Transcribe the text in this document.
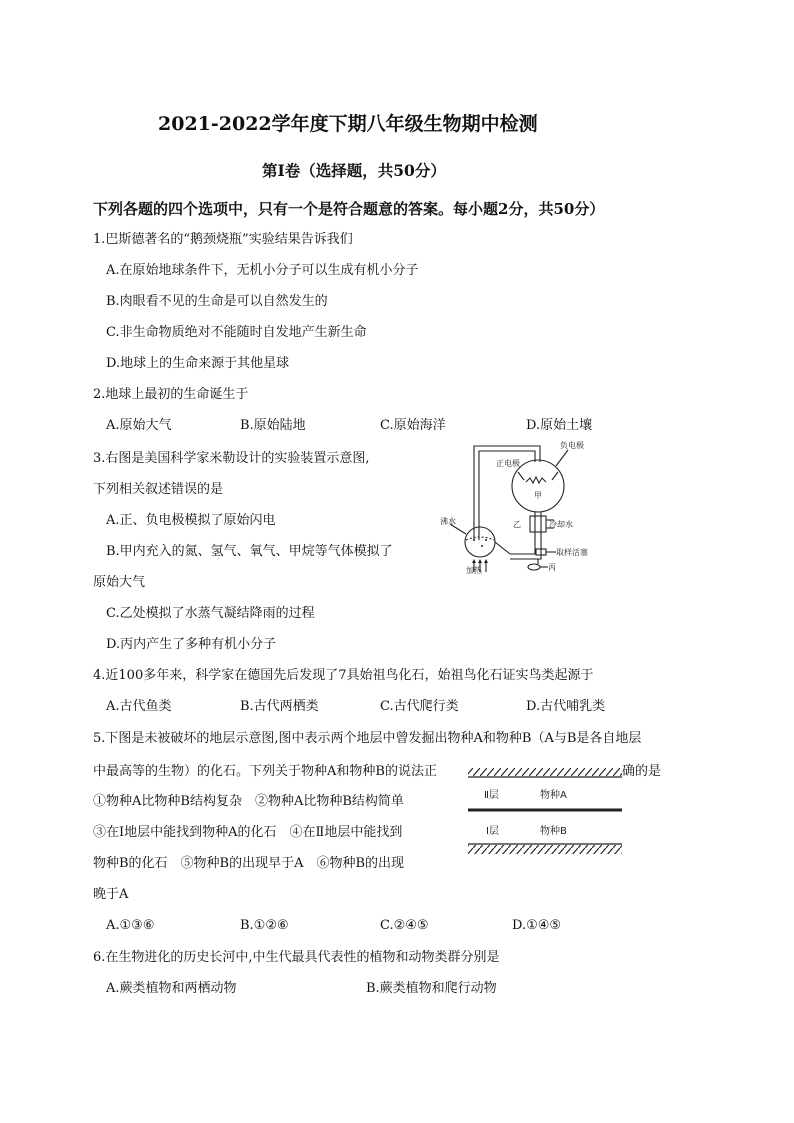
2021-2022学年度下期八年级生物期中检测
第Ⅰ卷（选择题，共50分）
下列各题的四个选项中，只有一个是符合题意的答案。每小题2分，共50分）
1.巴斯德著名的“鹅颈烧瓶”实验结果告诉我们
A.在原始地球条件下，无机小分子可以生成有机小分子
B.肉眼看不见的生命是可以自然发生的
C.非生命物质绝对不能随时自发地产生新生命
D.地球上的生命来源于其他星球
2.地球上最初的生命诞生于
A.原始大气	B.原始陆地	C.原始海洋	D.原始土壤
3.右图是美国科学家米勒设计的实验装置示意图,
下列相关叙述错误的是
A.正、负电极模拟了原始闪电
B.甲内充入的氮、氢气、氧气、甲烷等气体模拟了
原始大气
C.乙处模拟了水蒸气凝结降雨的过程
D.丙内产生了多种有机小分子
负电极
正电极
甲
乙	冷却水
沸水
取样活塞
丙
加热
4.近100多年来，科学家在德国先后发现了7具始祖鸟化石，始祖鸟化石证实鸟类起源于
A.古代鱼类	B.古代两栖类	C.古代爬行类	D.古代哺乳类
5.下图是未被破坏的地层示意图,图中表示两个地层中曾发掘出物种A和物种B（A与B是各自地层
中最高等的生物）的化石。下列关于物种A和物种B的说法正	确的是
①物种A比物种B结构复杂　②物种A比物种B结构简单
③在Ⅰ地层中能找到物种A的化石　④在Ⅱ地层中能找到
物种B的化石　⑤物种B的出现早于A　⑥物种B的出现
晚于A
A.①③⑥	B.①②⑥	C.②④⑤	D.①④⑤
Ⅱ层	物种A
Ⅰ层	物种B
6.在生物进化的历史长河中,中生代最具代表性的植物和动物类群分别是
A.蕨类植物和两栖动物	B.蕨类植物和爬行动物
